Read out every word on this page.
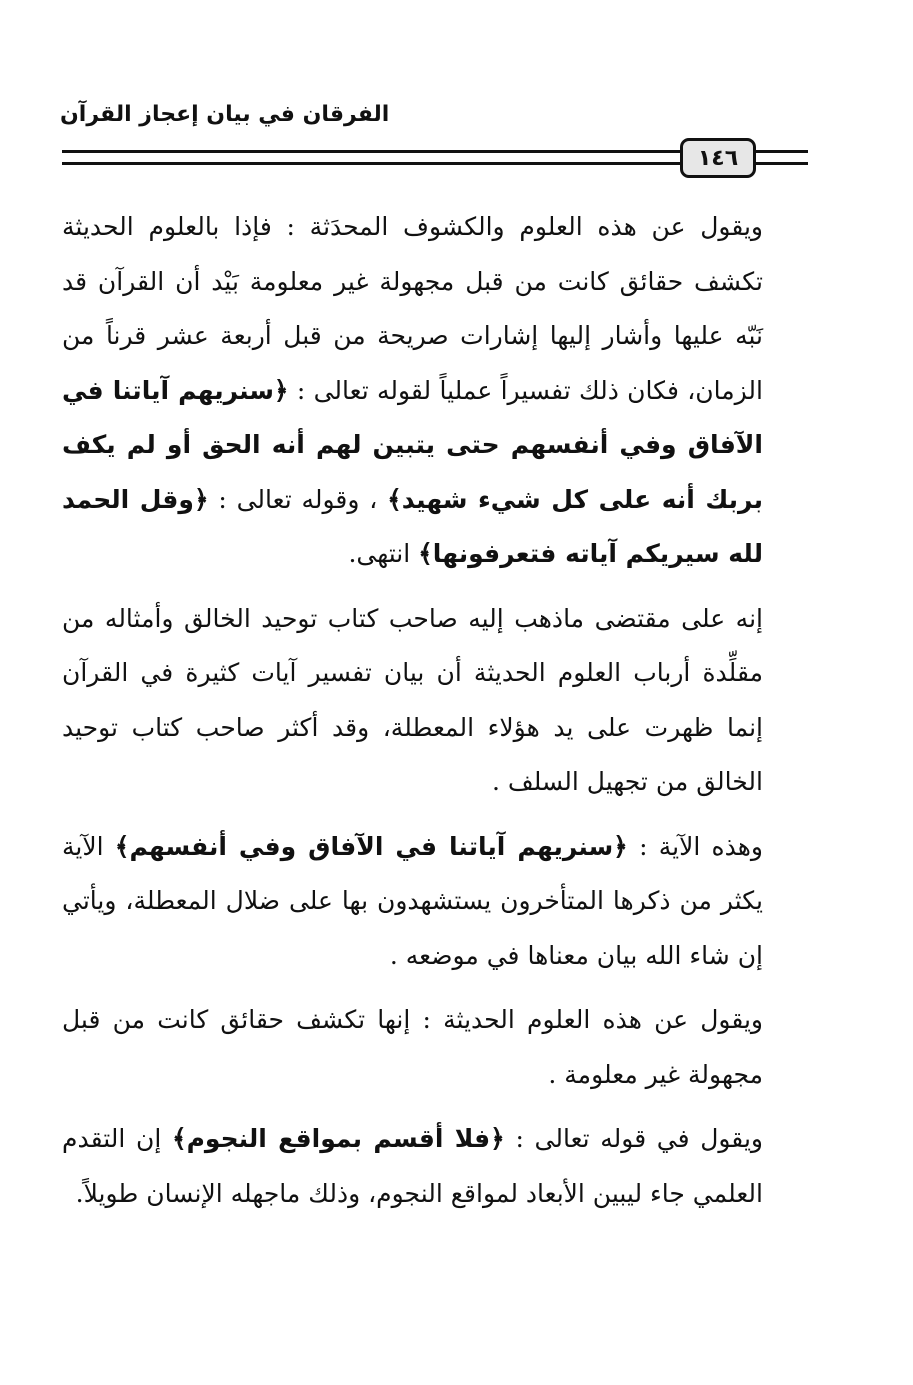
الفرقان في بيان إعجاز القرآن
١٤٦

ويقول عن هذه العلوم والكشوف المحدَثة : فإذا بالعلوم الحديثة تكشف حقائق كانت من قبل مجهولة غير معلومة بَيْد أن القرآن قد نَبّه عليها وأشار إليها إشارات صريحة من قبل أربعة عشر قرناً من الزمان، فكان ذلك تفسيراً عملياً لقوله تعالى : ﴿سنريهم آياتنا في الآفاق وفي أنفسهم حتى يتبين لهم أنه الحق أو لم يكف بربك أنه على كل شيء شهيد﴾ ، وقوله تعالى : ﴿وقل الحمد لله سيريكم آياته فتعرفونها﴾ انتهى.

إنه على مقتضى ماذهب إليه صاحب كتاب توحيد الخالق وأمثاله من مقلِّدة أرباب العلوم الحديثة أن بيان تفسير آيات كثيرة في القرآن إنما ظهرت على يد هؤلاء المعطلة، وقد أكثر صاحب كتاب توحيد الخالق من تجهيل السلف .

وهذه الآية : ﴿سنريهم آياتنا في الآفاق وفي أنفسهم﴾ الآية يكثر من ذكرها المتأخرون يستشهدون بها على ضلال المعطلة، ويأتي إن شاء الله بيان معناها في موضعه .

ويقول عن هذه العلوم الحديثة : إنها تكشف حقائق كانت من قبل مجهولة غير معلومة .

ويقول في قوله تعالى : ﴿فلا أقسم بمواقع النجوم﴾ إن التقدم العلمي جاء ليبين الأبعاد لمواقع النجوم، وذلك ماجهله الإنسان طويلاً.
